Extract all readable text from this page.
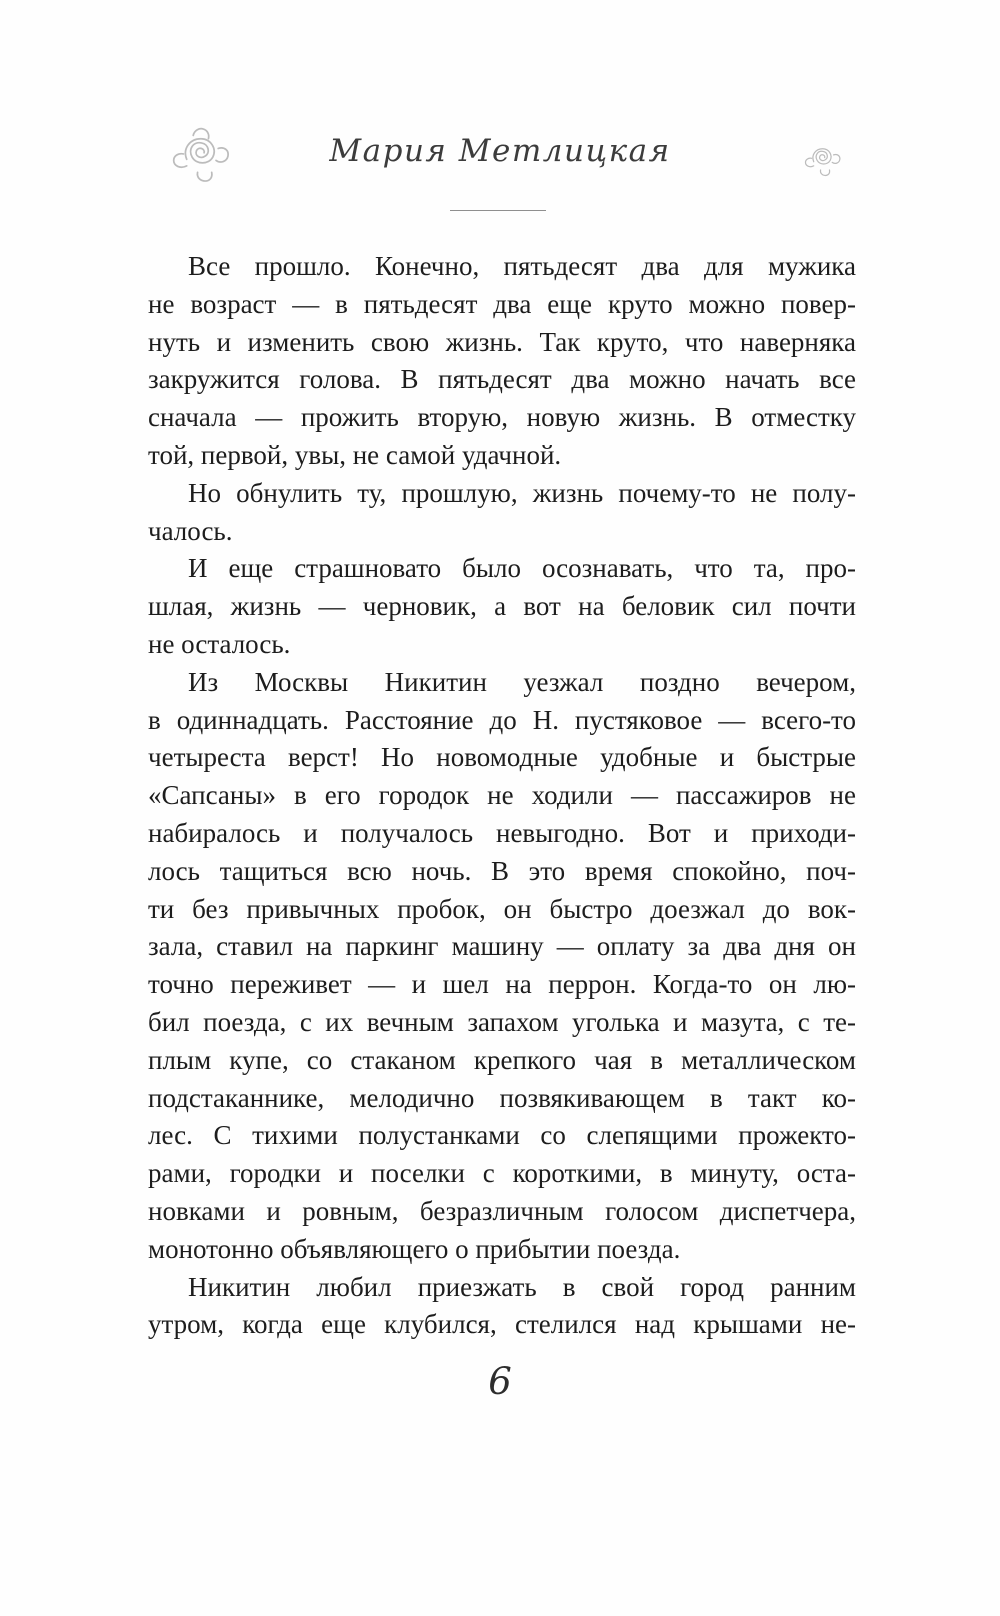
Мария Метлицкая
Все прошло. Конечно, пятьдесят два для мужика
не возраст — в пятьдесят два еще круто можно повер-
нуть и изменить свою жизнь. Так круто, что наверняка
закружится голова. В пятьдесят два можно начать все
сначала — прожить вторую, новую жизнь. В отместку
той, первой, увы, не самой удачной.
Но обнулить ту, прошлую, жизнь почему-то не полу-
чалось.
И еще страшновато было осознавать, что та, про-
шлая, жизнь — черновик, а вот на беловик сил почти
не осталось.
Из Москвы Никитин уезжал поздно вечером,
в одиннадцать. Расстояние до Н. пустяковое — всего-то
четыреста верст! Но новомодные удобные и быстрые
«Сапсаны» в его городок не ходили — пассажиров не
набиралось и получалось невыгодно. Вот и приходи-
лось тащиться всю ночь. В это время спокойно, поч-
ти без привычных пробок, он быстро доезжал до вок-
зала, ставил на паркинг машину — оплату за два дня он
точно переживет — и шел на перрон. Когда-то он лю-
бил поезда, с их вечным запахом уголька и мазута, с те-
плым купе, со стаканом крепкого чая в металлическом
подстаканнике, мелодично позвякивающем в такт ко-
лес. С тихими полустанками со слепящими прожекто-
рами, городки и поселки с короткими, в минуту, оста-
новками и ровным, безразличным голосом диспетчера,
монотонно объявляющего о прибытии поезда.
Никитин любил приезжать в свой город ранним
утром, когда еще клубился, стелился над крышами не-
6
